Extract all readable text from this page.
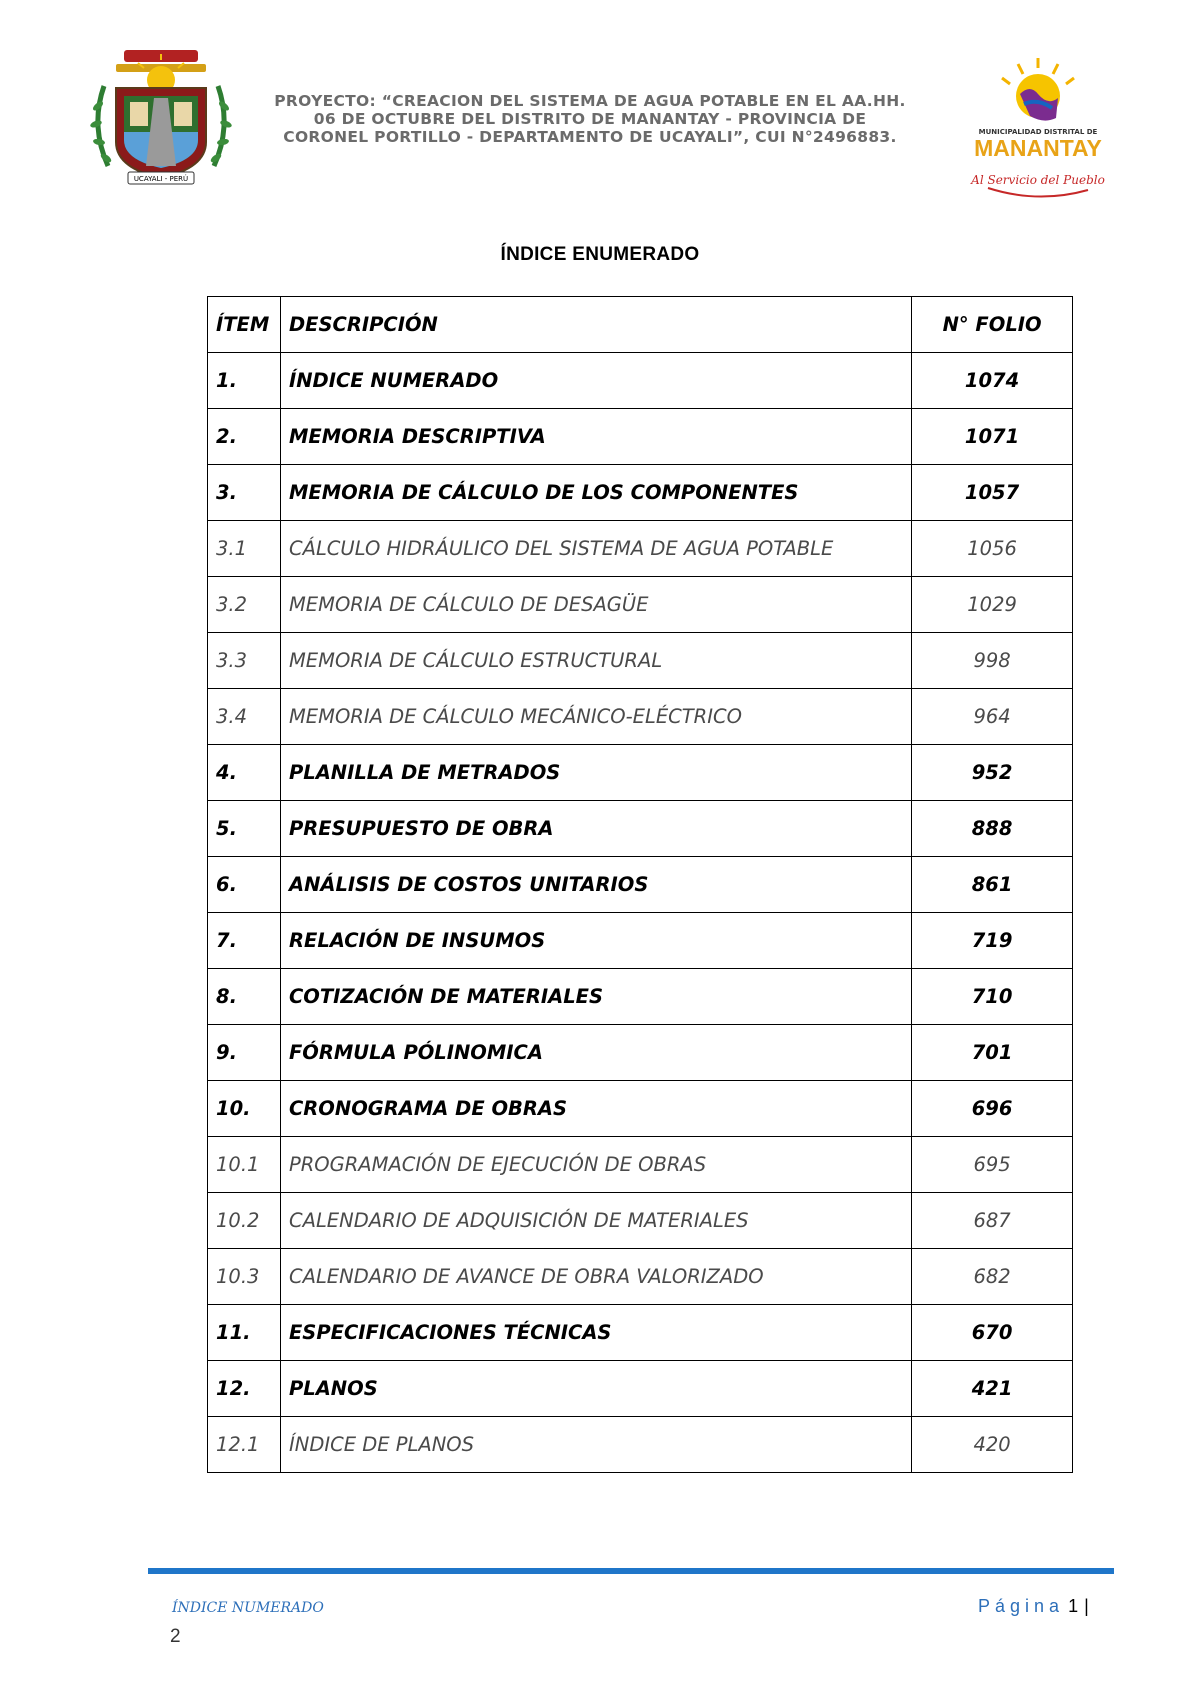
UCAYALI - PERÚ
PROYECTO: “CREACION DEL SISTEMA DE AGUA POTABLE EN EL AA.HH. 06 DE OCTUBRE DEL DISTRITO DE MANANTAY - PROVINCIA DE CORONEL PORTILLO - DEPARTAMENTO DE UCAYALI”, CUI N°2496883.	MUNICIPALIDAD DISTRITAL DE
MANANTAY
Al Servicio del Pueblo
ÍNDICE ENUMERADO
ÍTEM	DESCRIPCIÓN	N° FOLIO
1.	ÍNDICE NUMERADO	1074
2.	MEMORIA DESCRIPTIVA	1071
3.	MEMORIA DE CÁLCULO DE LOS COMPONENTES	1057
3.1	CÁLCULO HIDRÁULICO DEL SISTEMA DE AGUA POTABLE	1056
3.2	MEMORIA DE CÁLCULO DE DESAGÜE	1029
3.3	MEMORIA DE CÁLCULO ESTRUCTURAL	998
3.4	MEMORIA DE CÁLCULO MECÁNICO-ELÉCTRICO	964
4.	PLANILLA DE METRADOS	952
5.	PRESUPUESTO DE OBRA	888
6.	ANÁLISIS DE COSTOS UNITARIOS	861
7.	RELACIÓN DE INSUMOS	719
8.	COTIZACIÓN DE MATERIALES	710
9.	FÓRMULA PÓLINOMICA	701
10.	CRONOGRAMA DE OBRAS	696
10.1	PROGRAMACIÓN DE EJECUCIÓN DE OBRAS	695
10.2	CALENDARIO DE ADQUISICIÓN DE MATERIALES	687
10.3	CALENDARIO DE AVANCE DE OBRA VALORIZADO	682
11.	ESPECIFICACIONES TÉCNICAS	670
12.	PLANOS	421
12.1	ÍNDICE DE PLANOS	420
ÍNDICE NUMERADO	Página 1 |
2
